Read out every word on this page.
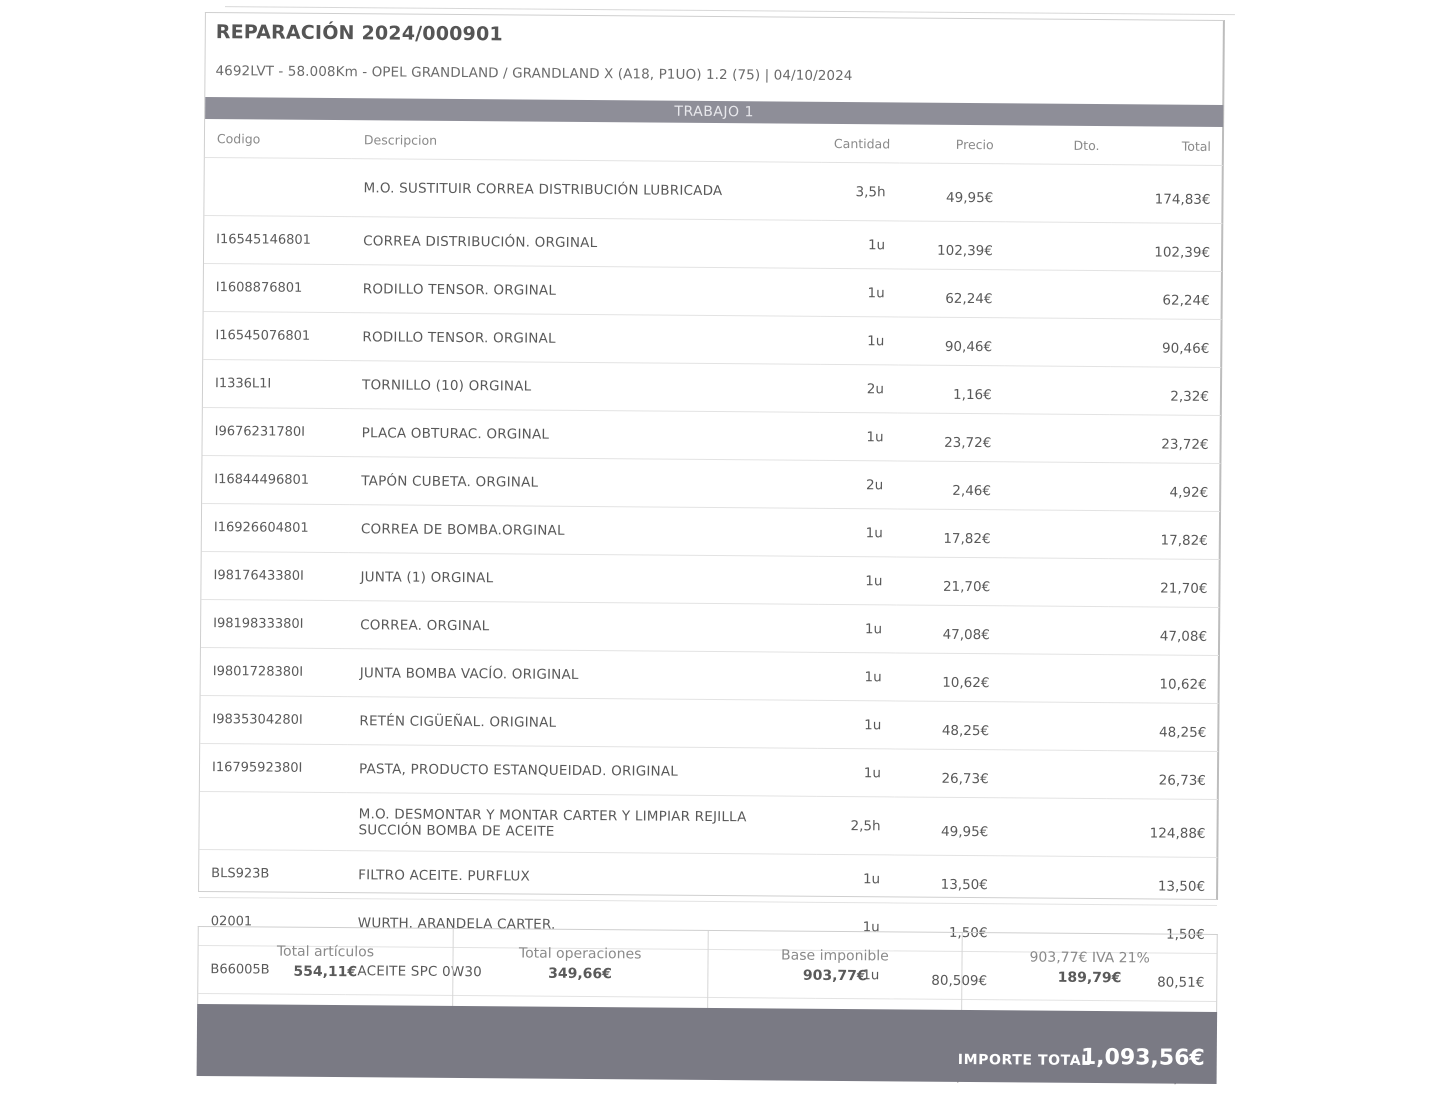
REPARACIÓN 2024/000901
4692LVT - 58.008Km - OPEL GRANDLAND / GRANDLAND X (A18, P1UO) 1.2 (75) | 04/10/2024
TRABAJO 1
Codigo	Descripcion	Cantidad	Precio	Dto.	Total
	M.O. SUSTITUIR CORREA DISTRIBUCIÓN LUBRICADA	3,5h	49,95€		174,83€
I16545146801	CORREA DISTRIBUCIÓN. ORGINAL	1u	102,39€		102,39€
I1608876801	RODILLO TENSOR. ORGINAL	1u	62,24€		62,24€
I16545076801	RODILLO TENSOR. ORGINAL	1u	90,46€		90,46€
I1336L1I	TORNILLO (10) ORGINAL	2u	1,16€		2,32€
I9676231780I	PLACA OBTURAC. ORGINAL	1u	23,72€		23,72€
I16844496801	TAPÓN CUBETA. ORGINAL	2u	2,46€		4,92€
I16926604801	CORREA DE BOMBA.ORGINAL	1u	17,82€		17,82€
I9817643380I	JUNTA (1) ORGINAL	1u	21,70€		21,70€
I9819833380I	CORREA. ORGINAL	1u	47,08€		47,08€
I9801728380I	JUNTA BOMBA VACÍO. ORIGINAL	1u	10,62€		10,62€
I9835304280I	RETÉN CIGÜEÑAL. ORIGINAL	1u	48,25€		48,25€
I1679592380I	PASTA, PRODUCTO ESTANQUEIDAD. ORIGINAL	1u	26,73€		26,73€
	M.O. DESMONTAR Y MONTAR CARTER Y LIMPIAR REJILLA SUCCIÓN BOMBA DE ACEITE	2,5h	49,95€		124,88€
BLS923B	FILTRO ACEITE. PURFLUX	1u	13,50€		13,50€
02001	WURTH. ARANDELA CARTER.	1u	1,50€		1,50€
B66005B	ACEITE SPC 0W30	1u	80,509€		80,51€

Total artículos
554,11€
Total operaciones
349,66€
Base imponible
903,77€
903,77€ IVA 21%
189,79€
IMPORTE TOTAL
1,093,56€
